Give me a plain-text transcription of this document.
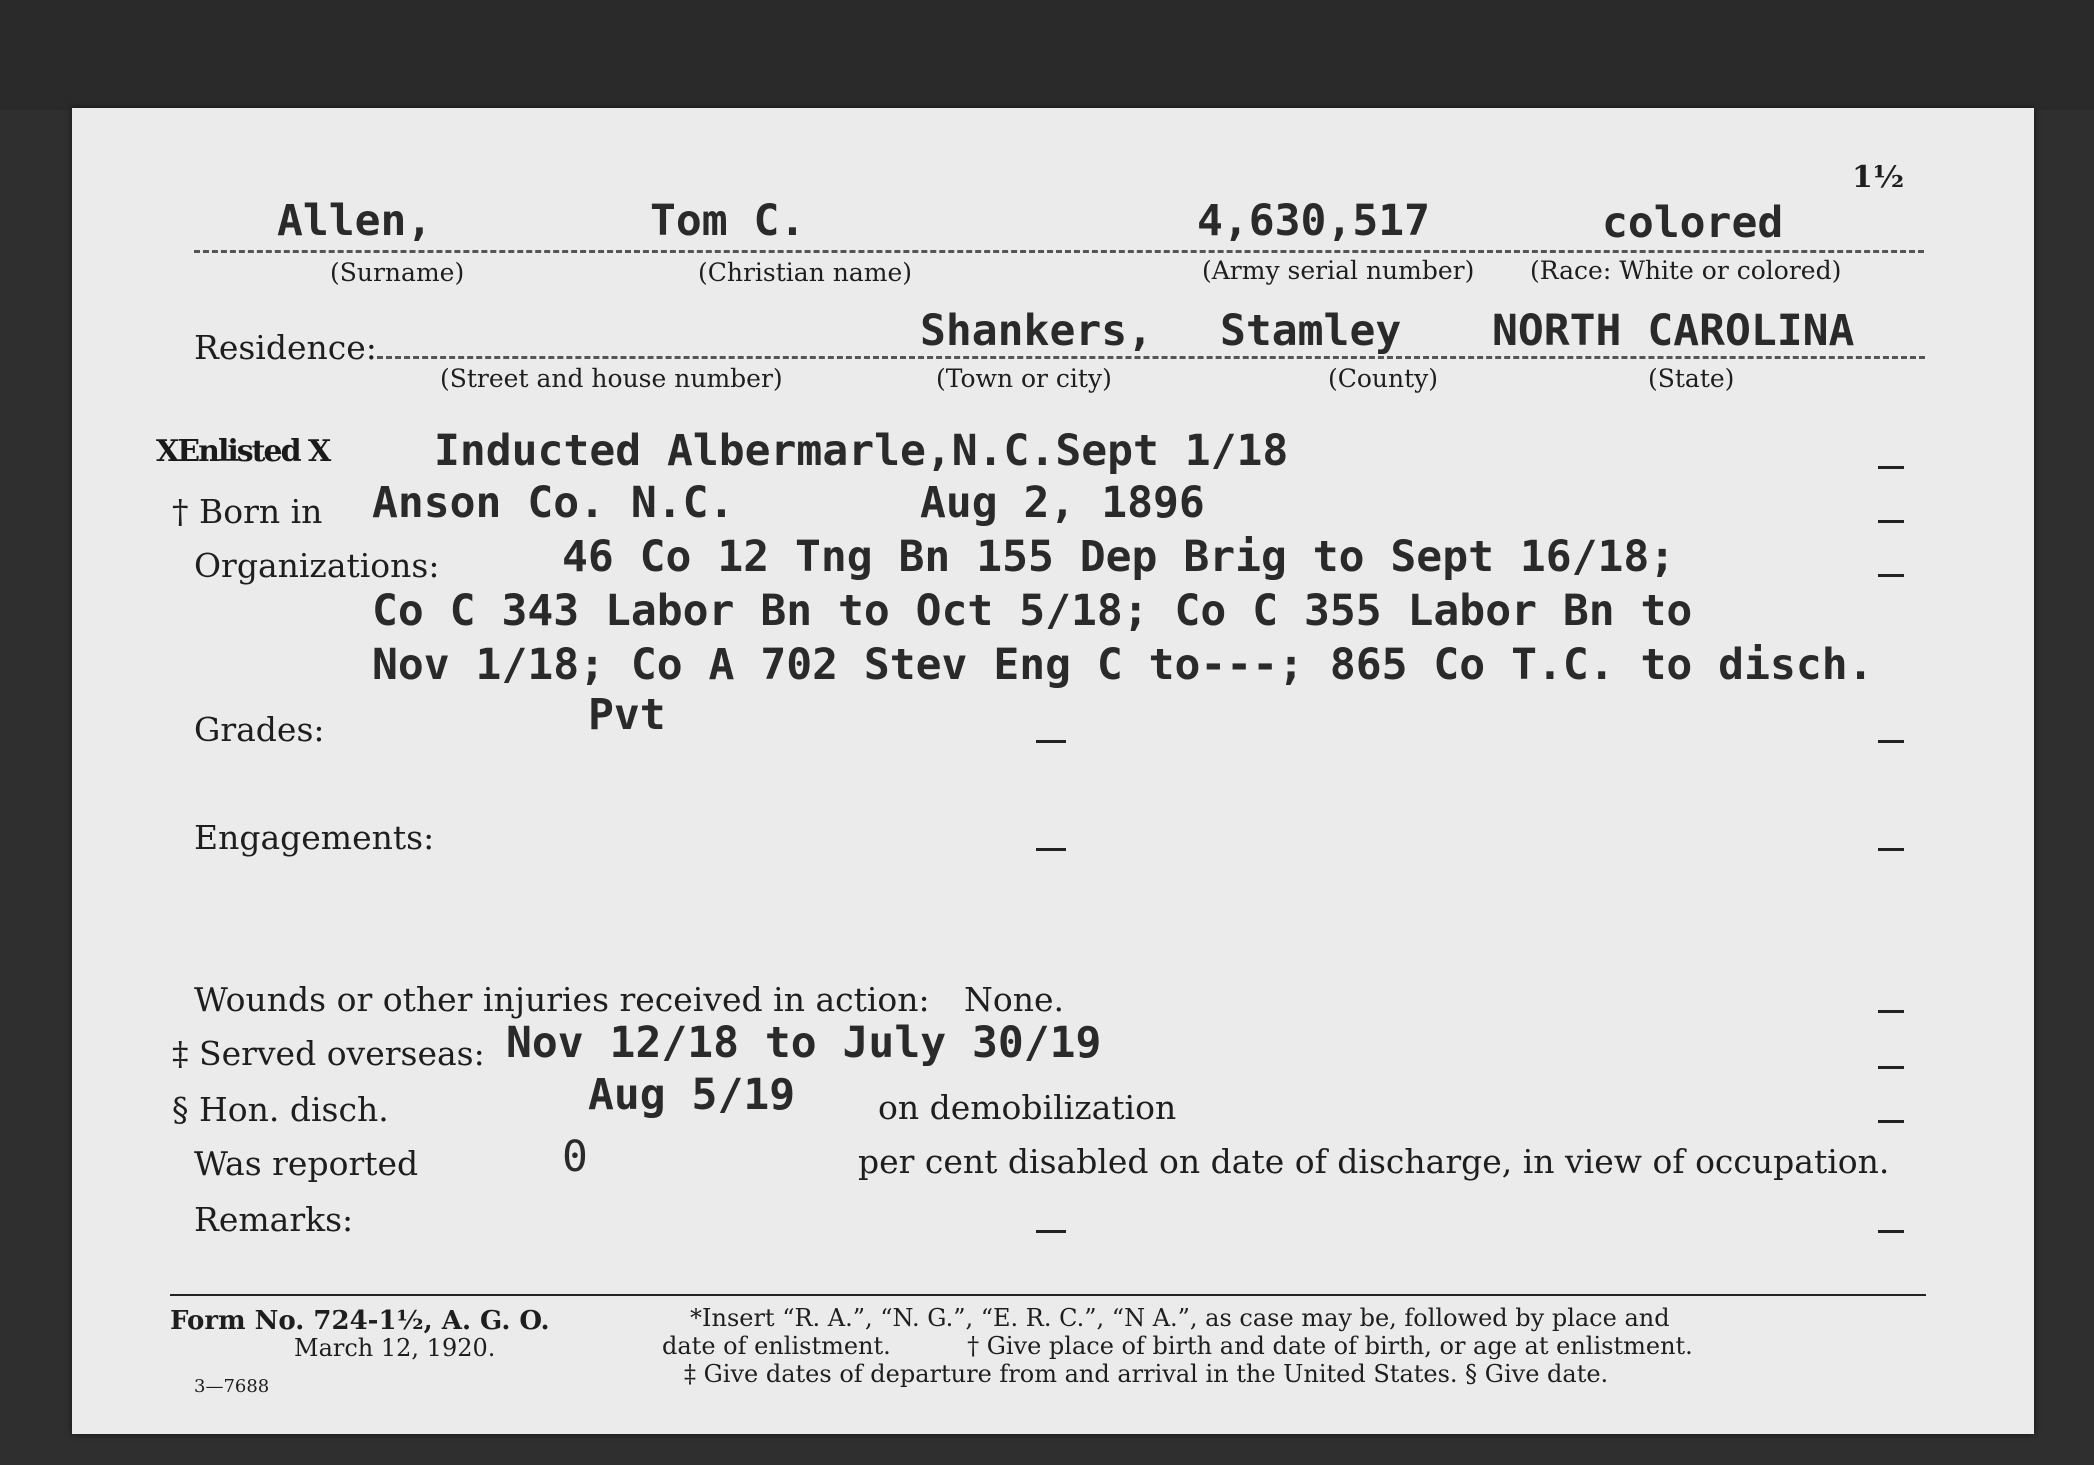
1½
Allen,	Tom C.	4,630,517	colored
(Surname)	(Christian name)	(Army serial number) (Race: White or colored)
Residence:	Shankers, Stamley NORTH CAROLINA
(Street and house number)	(Town or city)	(County)	(State)
XEnlisted X Inducted Albermarle,N.C.Sept 1/18
† Born in Anson Co. N.C.	Aug 2, 1896
Organizations:	46 Co 12 Tng Bn 155 Dep Brig to Sept 16/18;
Co C 343 Labor Bn to Oct 5/18; Co C 355 Labor Bn to
Nov 1/18; Co A 702 Stev Eng C to---; 865 Co T.C. to disch.
Grades:	Pvt
Engagements:
Wounds or other injuries received in action: None.
‡ Served overseas: Nov 12/18 to July 30/19
§ Hon. disch.	Aug 5/19	on demobilization
Was reported	0	per cent disabled on date of discharge, in view of occupation.
Remarks:
Form No. 724-1½, A. G. O.
March 12, 1920.
3—7688
*Insert “R. A.”, “N. G.”, “E. R. C.”, “N A.”, as case may be, followed by place and
date of enlistment.          † Give place of birth and date of birth, or age at enlistment.
‡ Give dates of departure from and arrival in the United States. § Give date.
